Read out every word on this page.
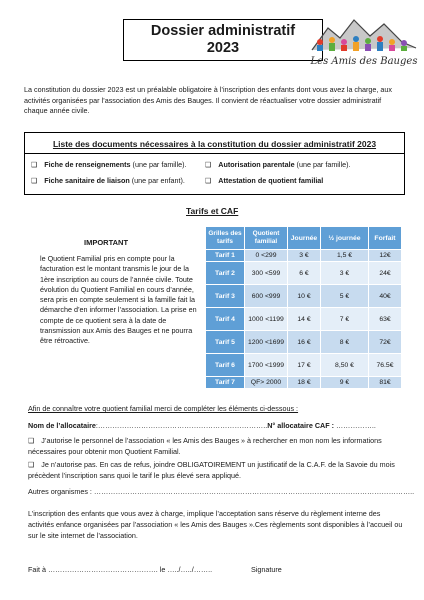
Dossier administratif
2023
Les Amis des Bauges
La constitution du dossier 2023 est un préalable obligatoire à l’inscription des enfants dont vous avez la charge, aux activités organisées par l’association des Amis des Bauges. Il convient de réactualiser votre dossier administratif chaque année civile.
Liste des documents nécessaires à la constitution du dossier administratif 2023
❑ Fiche de renseignements (une par famille).	❑ Autorisation parentale (une par famille).
❑ Fiche sanitaire de liaison (une par enfant).	❑ Attestation de quotient familial
Tarifs et CAF
IMPORTANT
le Quotient Familial pris en compte pour la facturation est le montant transmis le jour de la 1ère inscription au cours de l’année civile. Toute évolution du Quotient Familial en cours d’année, sera pris en compte seulement si la famille fait la démarche d’en informer l’association. La prise en compte de ce quotient sera à la date de transmission aux Amis des Bauges et ne pourra être rétroactive.
Grilles des tarifs	Quotient familial	Journée	½ journée	Forfait
Tarif 1	0 <299	3 €	1,5 €	12€
Tarif 2	300 <599	6 €	3 €	24€
Tarif 3	600 <999	10 €	5 €	40€
Tarif 4	1000 <1199	14 €	7 €	63€
Tarif 5	1200 <1699	16 €	8 €	72€
Tarif 6	1700 <1999	17 €	8,50 €	76.5€
Tarif 7	QF> 2000	18 €	9 €	81€
Afin de connaître votre quotient familial merci de compléter les éléments ci-dessous :
Nom de l’allocataire:……………………………………………………………..N° allocataire CAF : ……………..
❑ J’autorise le personnel de l’association « les Amis des Bauges » à rechercher en mon nom les informations nécessaires pour obtenir mon Quotient Familial.
❑ Je n’autorise pas. En cas de refus, joindre OBLIGATOIREMENT un justificatif de la C.A.F. de la Savoie du mois précèdent l’inscription sans quoi le tarif le plus élevé sera appliqué.
Autres organismes : ……………………………………………………………………………………………………………………..
L’inscription des enfants que vous avez à charge, implique l’acceptation sans réserve du règlement interne des activités enfance organisées par l’association « les Amis des Bauges ».Ces règlements sont disponibles à l’accueil ou sur le site internet de l’association.
Fait à ………………………………………. le …../…../……..	Signature
